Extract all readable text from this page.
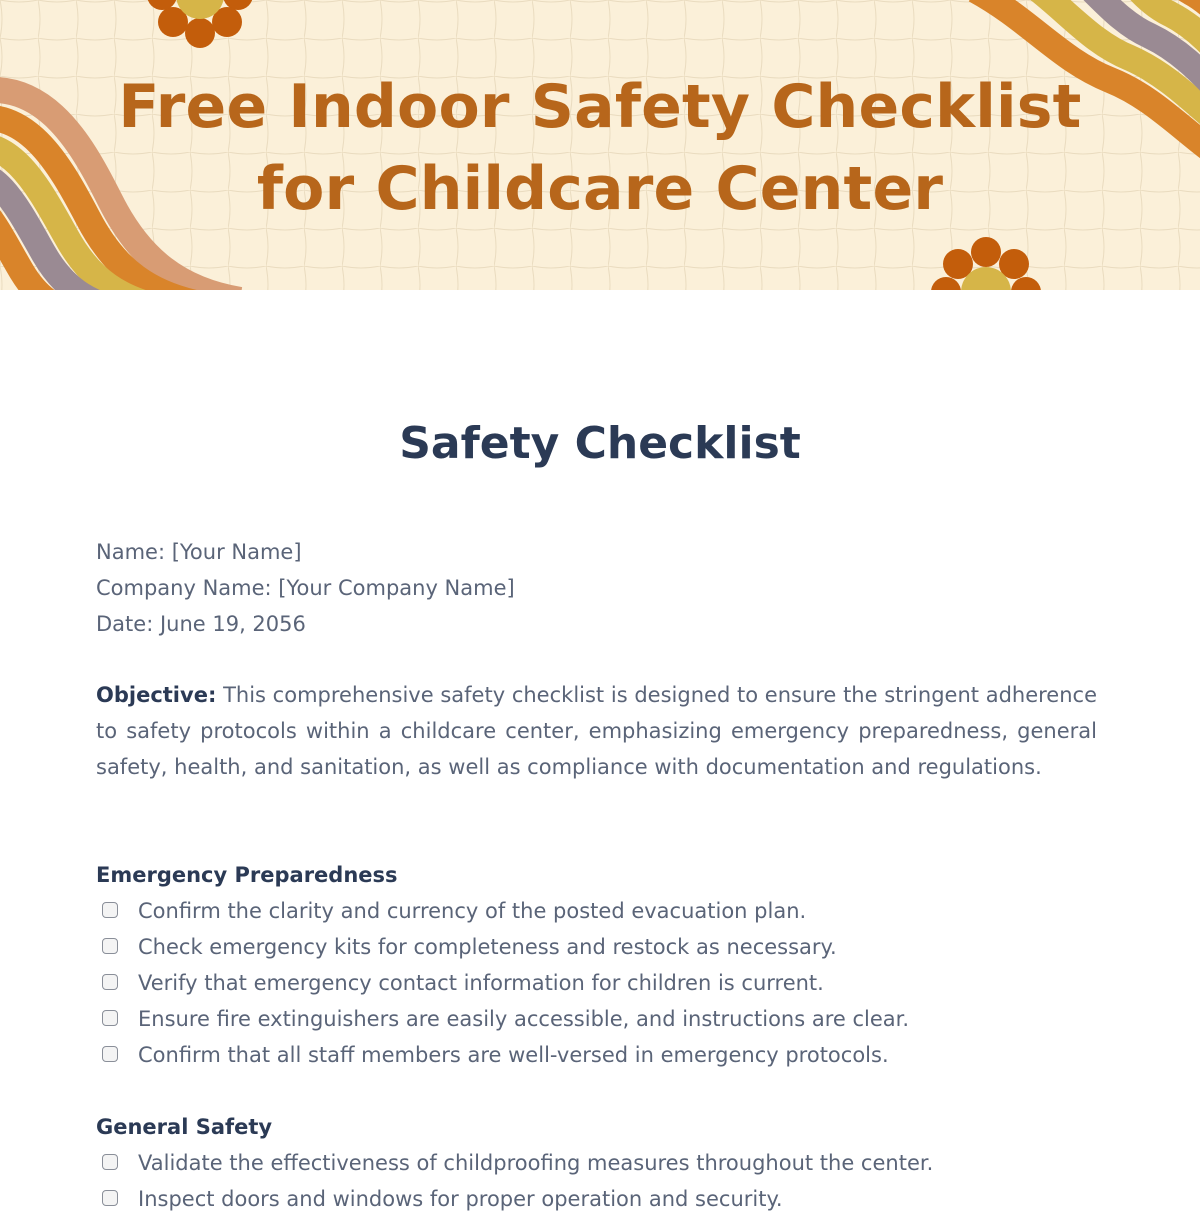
Free Indoor Safety Checklist
for Childcare Center
Safety Checklist
Name: [Your Name]
Company Name: [Your Company Name]
Date: June 19, 2056

Objective: This comprehensive safety checklist is designed to ensure the stringent adherence to safety protocols within a childcare center, emphasizing emergency preparedness, general safety, health, and sanitation, as well as compliance with documentation and regulations.

Emergency Preparedness
Confirm the clarity and currency of the posted evacuation plan.
Check emergency kits for completeness and restock as necessary.
Verify that emergency contact information for children is current.
Ensure fire extinguishers are easily accessible, and instructions are clear.
Confirm that all staff members are well-versed in emergency protocols.
General Safety
Validate the effectiveness of childproofing measures throughout the center.
Inspect doors and windows for proper operation and security.
